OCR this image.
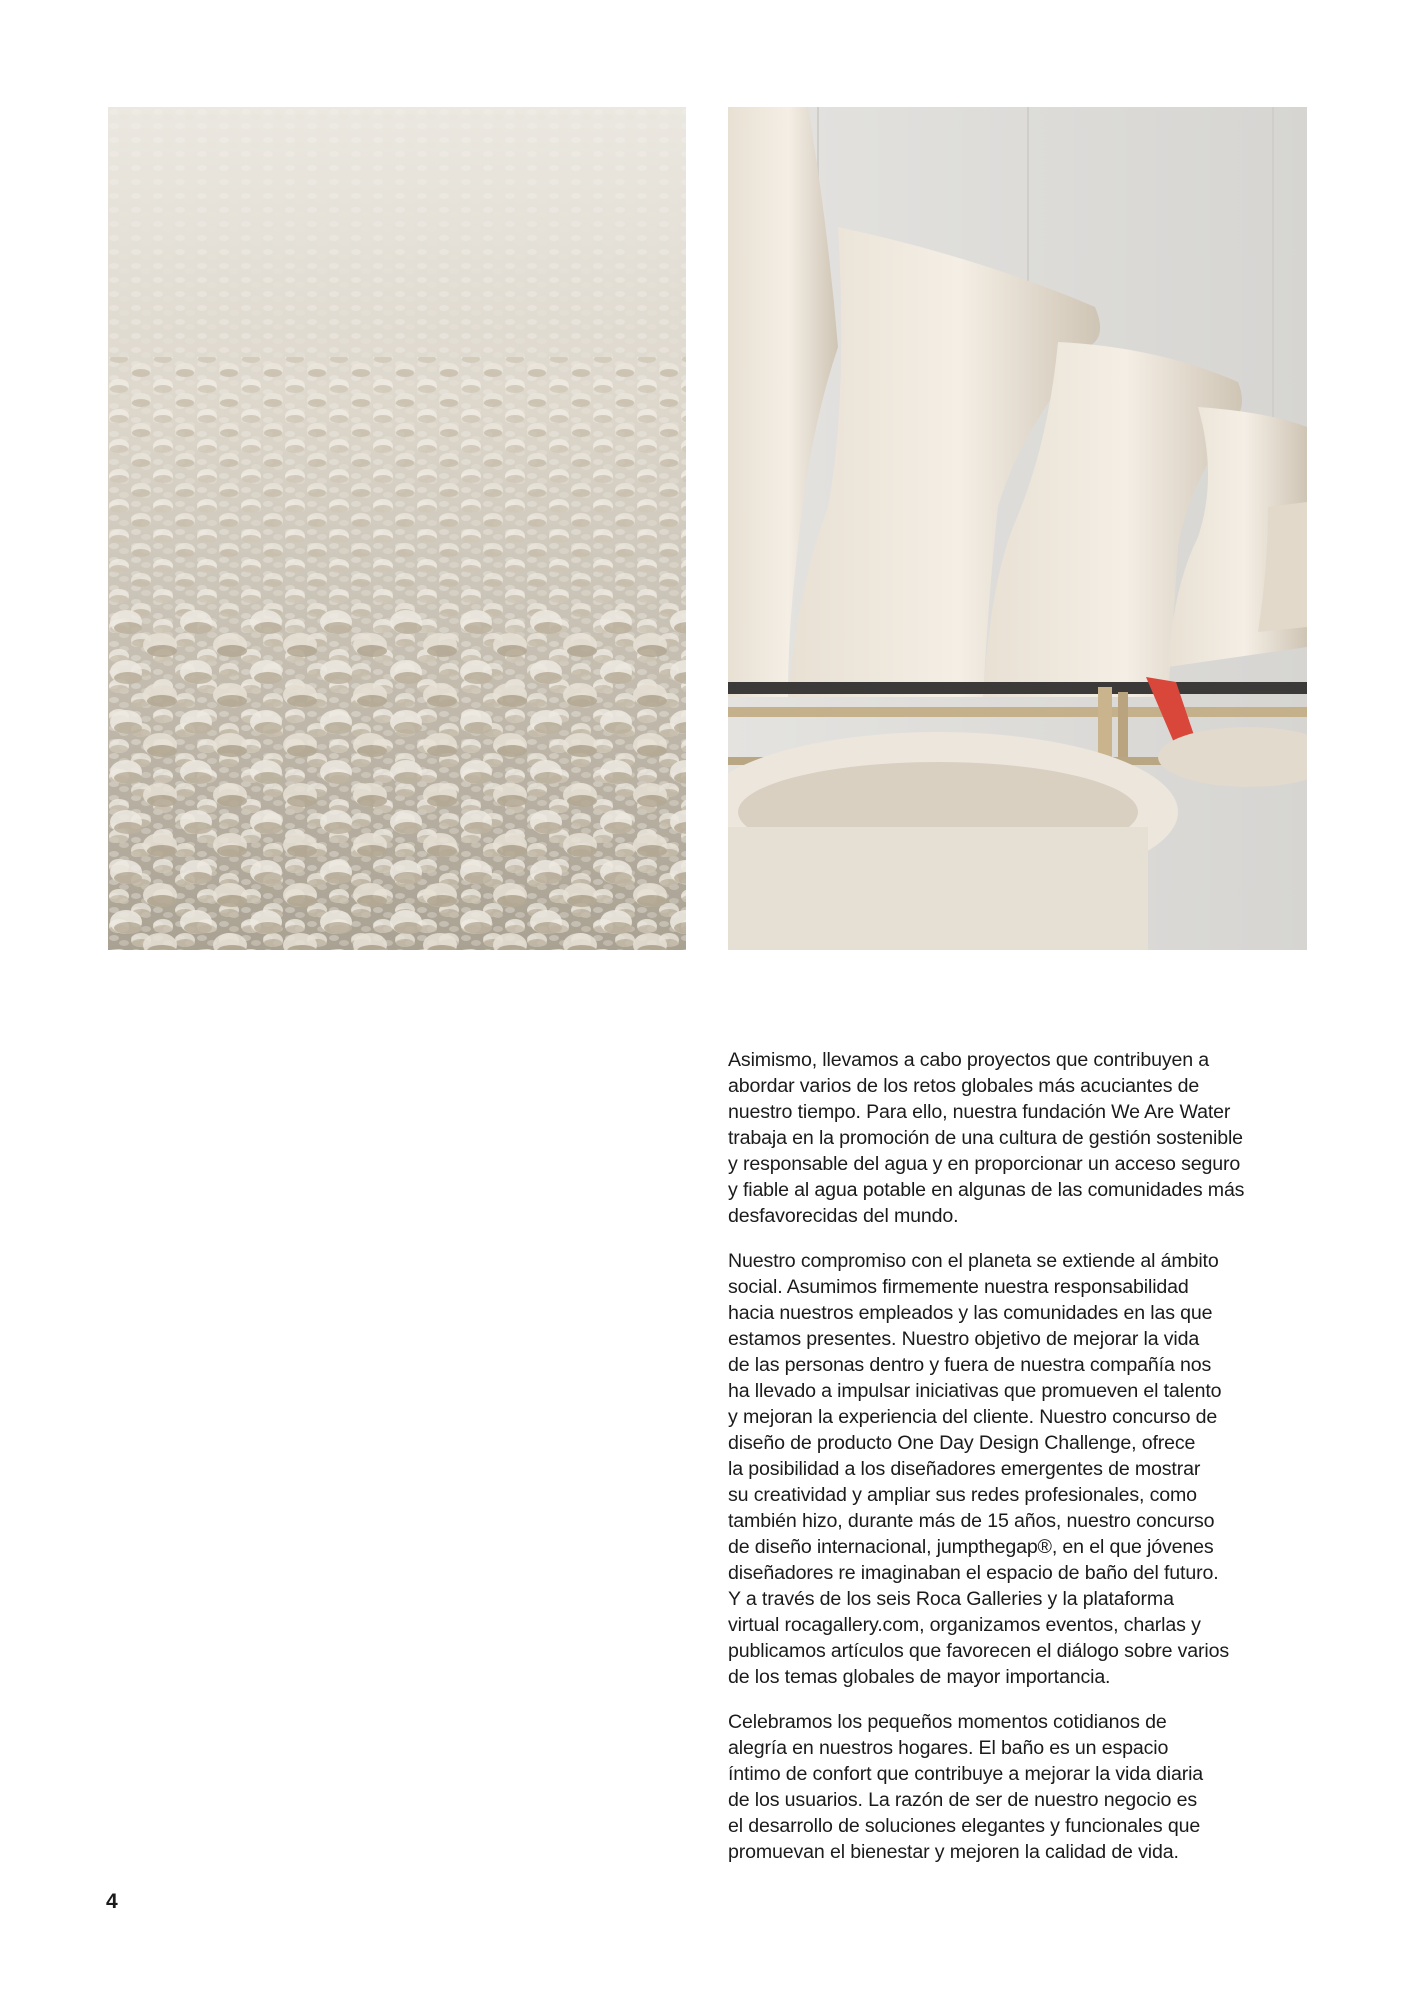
Asimismo, llevamos a cabo proyectos que contribuyen a
abordar varios de los retos globales más acuciantes de
nuestro tiempo. Para ello, nuestra fundación We Are Water
trabaja en la promoción de una cultura de gestión sostenible
y responsable del agua y en proporcionar un acceso seguro
y fiable al agua potable en algunas de las comunidades más
desfavorecidas del mundo.

Nuestro compromiso con el planeta se extiende al ámbito
social. Asumimos firmemente nuestra responsabilidad
hacia nuestros empleados y las comunidades en las que
estamos presentes. Nuestro objetivo de mejorar la vida
de las personas dentro y fuera de nuestra compañía nos
ha llevado a impulsar iniciativas que promueven el talento
y mejoran la experiencia del cliente. Nuestro concurso de
diseño de producto One Day Design Challenge, ofrece
la posibilidad a los diseñadores emergentes de mostrar
su creatividad y ampliar sus redes profesionales, como
también hizo, durante más de 15 años, nuestro concurso
de diseño internacional, jumpthegap®, en el que jóvenes
diseñadores re imaginaban el espacio de baño del futuro.
Y a través de los seis Roca Galleries y la plataforma
virtual rocagallery.com, organizamos eventos, charlas y
publicamos artículos que favorecen el diálogo sobre varios
de los temas globales de mayor importancia.

Celebramos los pequeños momentos cotidianos de
alegría en nuestros hogares. El baño es un espacio
íntimo de confort que contribuye a mejorar la vida diaria
de los usuarios. La razón de ser de nuestro negocio es
el desarrollo de soluciones elegantes y funcionales que
promuevan el bienestar y mejoren la calidad de vida.

4
